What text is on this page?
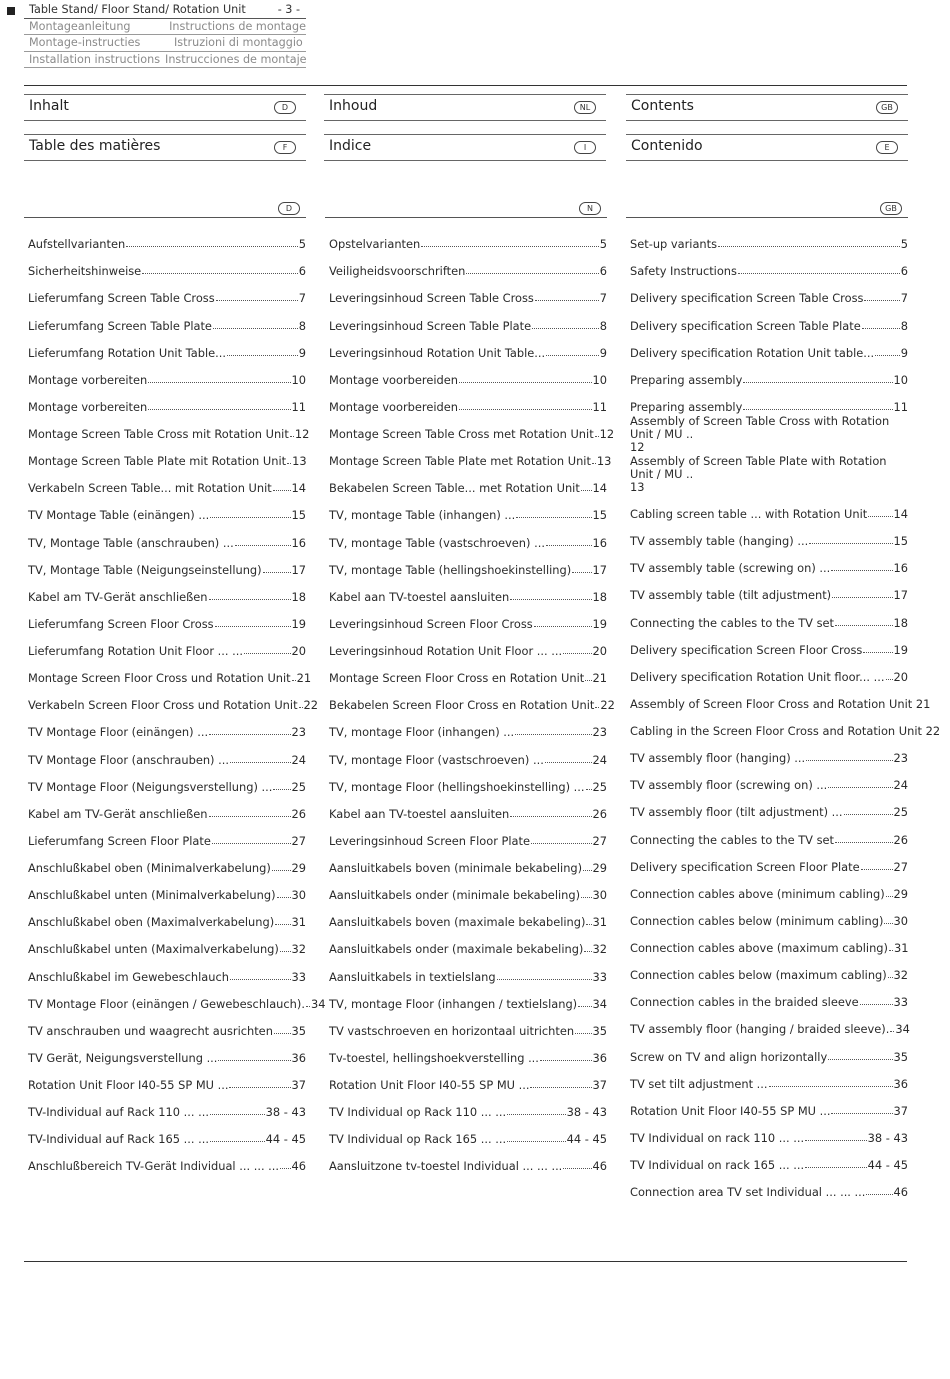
Table Stand/ Floor Stand/ Rotation Unit	- 3 -
Montageanleitung	Instructions de montage
Montage-instructies	Istruzioni di montaggio
Installation instructions Instrucciones de montaje
Inhalt	D	Inhoud	NL	Contents	GB
Table des matières	F	Indice	I	Contenido	E
D
Aufstellvarianten	5
Sicherheitshinweise	6
Lieferumfang Screen Table Cross	7
Lieferumfang Screen Table Plate	8
Lieferumfang Rotation Unit Table...	9
Montage vorbereiten	10
Montage vorbereiten	11
Montage Screen Table Cross mit Rotation Unit 12
Montage Screen Table Plate mit Rotation Unit 13
Verkabeln Screen Table... mit Rotation Unit 14
TV Montage Table (einängen) ...	15
TV, Montage Table (anschrauben) ...	16
TV, Montage Table (Neigungseinstellung)	17
Kabel am TV-Gerät anschließen	18
Lieferumfang Screen Floor Cross	19
Lieferumfang Rotation Unit Floor ... ...	20
Montage Screen Floor Cross und Rotation Unit 21
Verkabeln Screen Floor Cross und Rotation Unit 22
TV Montage Floor (einängen) ...	23
TV Montage Floor (anschrauben) ...	24
TV Montage Floor (Neigungsverstellung) ... 25
Kabel am TV-Gerät anschließen	26
Lieferumfang Screen Floor Plate	27
Anschlußkabel oben (Minimalverkabelung) 29
Anschlußkabel unten (Minimalverkabelung) 30
Anschlußkabel oben (Maximalverkabelung) 31
Anschlußkabel unten (Maximalverkabelung) 32
Anschlußkabel im Gewebeschlauch	33
TV Montage Floor (einängen / Gewebeschlauch). 34
TV anschrauben und waagrecht ausrichten 35
TV Gerät, Neigungsverstellung ...	36
Rotation Unit Floor I40-55 SP MU ...	37
TV-Individual auf Rack 110 ... ...	38 - 43
TV-Individual auf Rack 165 ... ...	44 - 45
Anschlußbereich TV-Gerät Individual ... ... ... 46
N
Opstelvarianten	5
Veiligheidsvoorschriften	6
Leveringsinhoud Screen Table Cross	7
Leveringsinhoud Screen Table Plate	8
Leveringsinhoud Rotation Unit Table...	9
Montage voorbereiden	10
Montage voorbereiden	11
Montage Screen Table Cross met Rotation Unit 12
Montage Screen Table Plate met Rotation Unit 13
Bekabelen Screen Table... met Rotation Unit 14
TV, montage Table (inhangen) ...	15
TV, montage Table (vastschroeven) ...	16
TV, montage Table (hellingshoekinstelling) 17
Kabel aan TV-toestel aansluiten	18
Leveringsinhoud Screen Floor Cross	19
Leveringsinhoud Rotation Unit Floor ... ...	20
Montage Screen Floor Cross en Rotation Unit 21
Bekabelen Screen Floor Cross en Rotation Unit 22
TV, montage Floor (inhangen) ...	23
TV, montage Floor (vastschroeven) ...	24
TV, montage Floor (hellingshoekinstelling) ... 25
Kabel aan TV-toestel aansluiten	26
Leveringsinhoud Screen Floor Plate	27
Aansluitkabels boven (minimale bekabeling) 29
Aansluitkabels onder (minimale bekabeling) 30
Aansluitkabels boven (maximale bekabeling) 31
Aansluitkabels onder (maximale bekabeling) 32
Aansluitkabels in textielslang	33
TV, montage Floor (inhangen / textielslang) 34
TV vastschroeven en horizontaal uitrichten 35
Tv-toestel, hellingshoekverstelling ...	36
Rotation Unit Floor I40-55 SP MU ...	37
TV Individual op Rack 110 ... ...	38 - 43
TV Individual op Rack 165 ... ...	44 - 45
Aansluitzone tv-toestel Individual ... ... ...	46
GB
Set-up variants	5
Safety Instructions	6
Delivery specification Screen Table Cross	7
Delivery specification Screen Table Plate	8
Delivery specification Rotation Unit table... 9
Preparing assembly	10
Preparing assembly	11
Assembly of Screen Table Cross with Rotation Unit / MU ..
12
Assembly of Screen Table Plate with Rotation Unit / MU ..
13
Cabling screen table ... with Rotation Unit 14
TV assembly table (hanging) ...	15
TV assembly table (screwing on) ...	16
TV assembly table (tilt adjustment)	17
Connecting the cables to the TV set	18
Delivery specification Screen Floor Cross	19
Delivery specification Rotation Unit floor... ... 20
Assembly of Screen Floor Cross and Rotation Unit 21
Cabling in the Screen Floor Cross and Rotation Unit 22
TV assembly floor (hanging) ...	23
TV assembly floor (screwing on) ...	24
TV assembly floor (tilt adjustment) ...	25
Connecting the cables to the TV set	26
Delivery specification Screen Floor Plate	27
Connection cables above (minimum cabling) 29
Connection cables below (minimum cabling) 30
Connection cables above (maximum cabling) 31
Connection cables below (maximum cabling) 32
Connection cables in the braided sleeve	33
TV assembly floor (hanging / braided sleeve). 34
Screw on TV and align horizontally	35
TV set tilt adjustment ...	36
Rotation Unit Floor I40-55 SP MU ...	37
TV Individual on rack 110 ... ...	38 - 43
TV Individual on rack 165 ... ...	44 - 45
Connection area TV set Individual ... ... ... 46
